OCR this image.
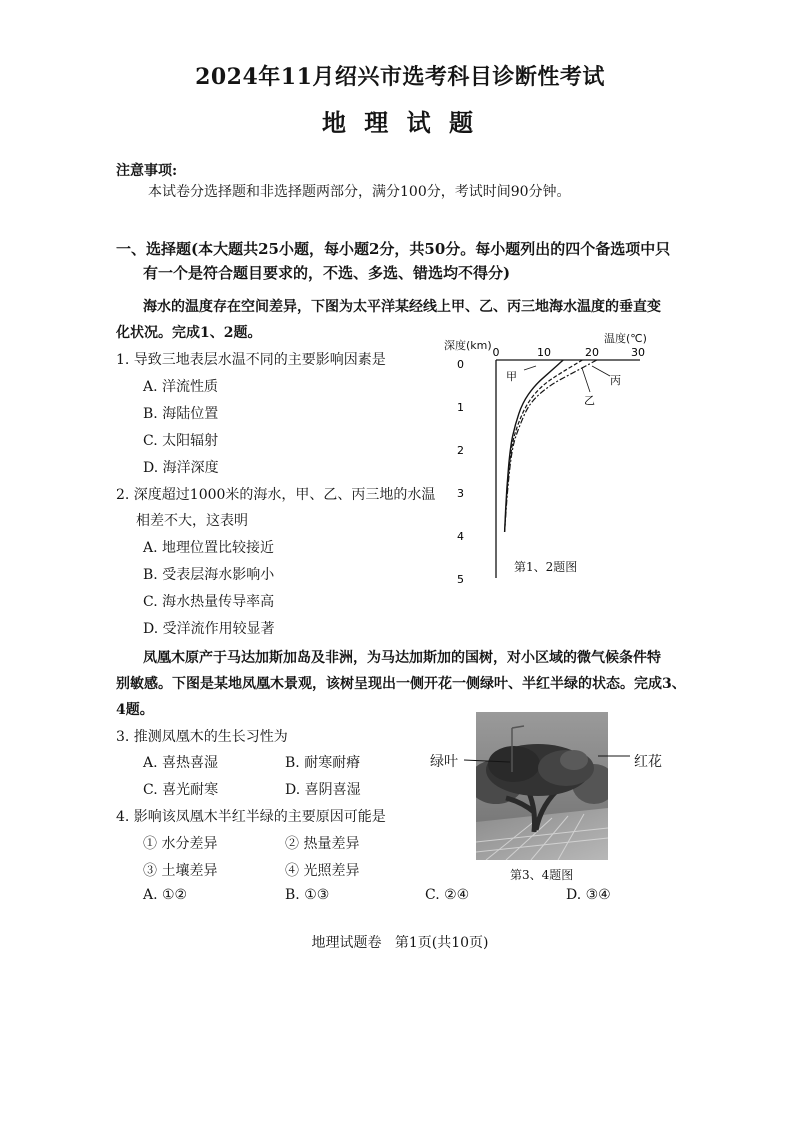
2024年11月绍兴市选考科目诊断性考试
地 理 试 题
注意事项:
本试卷分选择题和非选择题两部分，满分100分，考试时间90分钟。
一、选择题(本大题共25小题，每小题2分，共50分。每小题列出的四个备选项中只
有一个是符合题目要求的，不选、多选、错选均不得分)
海水的温度存在空间差异，下图为太平洋某经线上甲、乙、丙三地海水温度的垂直变
化状况。完成1、2题。
1. 导致三地表层水温不同的主要影响因素是
A. 洋流性质
B. 海陆位置
C. 太阳辐射
D. 海洋深度
2. 深度超过1000米的海水，甲、乙、丙三地的水温
相差不大，这表明
A. 地理位置比较接近
B. 受表层海水影响小
C. 海水热量传导率高
D. 受洋流作用较显著
深度(km)
温度(℃)
0	10	20	30
0
1
2
3
4
5
甲
乙
丙
第1、2题图
凤凰木原产于马达加斯加岛及非洲，为马达加斯加的国树，对小区域的微气候条件特
别敏感。下图是某地凤凰木景观，该树呈现出一侧开花一侧绿叶、半红半绿的状态。完成3、
4题。
3. 推测凤凰木的生长习性为
A. 喜热喜湿	B. 耐寒耐瘠
C. 喜光耐寒	D. 喜阴喜湿
4. 影响该凤凰木半红半绿的主要原因可能是
① 水分差异	② 热量差异
③ 土壤差异	④ 光照差异
A. ①②	B. ①③	C. ②④	D. ③④
绿叶	红花
第3、4题图
地理试题卷   第1页(共10页)
